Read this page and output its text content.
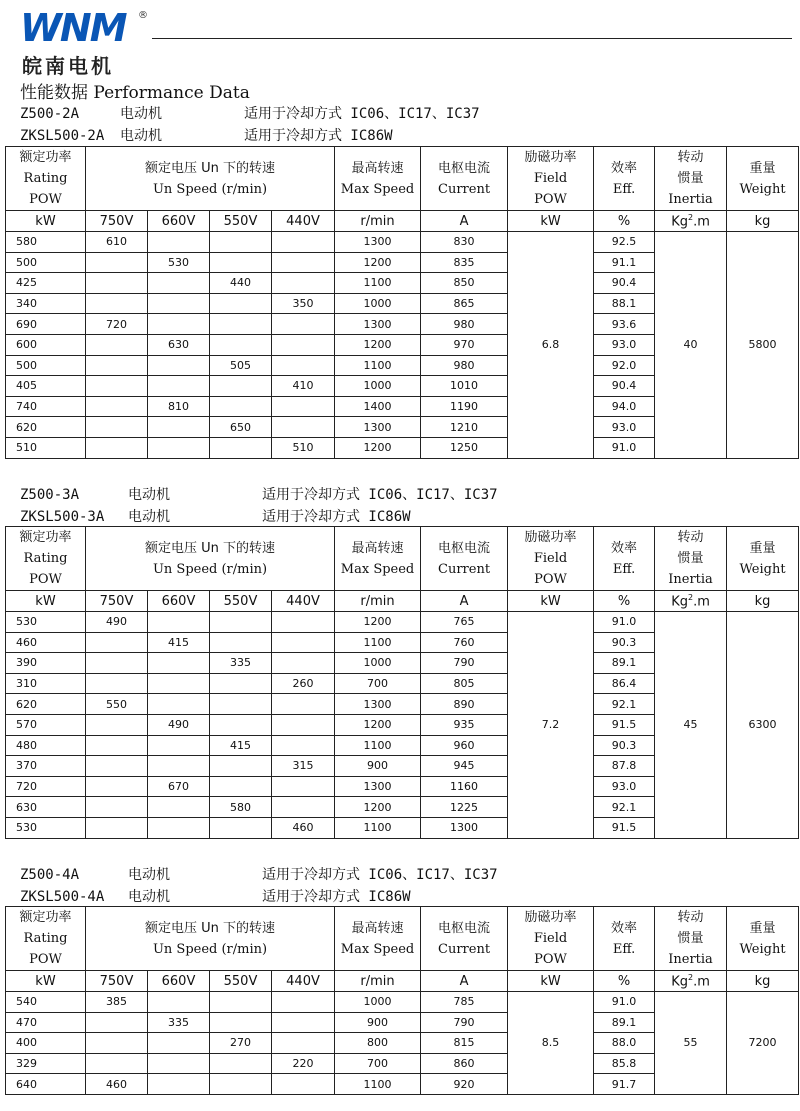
WNM ®
皖南电机
性能数据 Performance Data
Z500-2A	电动机	适用于冷却方式 IC06、IC17、IC37
ZKSL500-2A 电动机	适用于冷却方式 IC86W
额定功率
Rating
POW	额定电压 Un 下的转速
Un Speed (r/min)				最高转速
Max Speed	电枢电流
Current	励磁功率
Field
POW	效率
Eff.	转动
惯量
Inertia	重量
Weight
kW	750V	660V	550V	440V	r/min	A	kW	%	Kg$^2$.m	kg
580	610				1300	830	6.8	92.5	40	5800
500		530			1200	835		91.1		
425			440		1100	850		90.4		
340				350	1000	865		88.1		
690	720				1300	980		93.6		
600		630			1200	970		93.0		
500			505		1100	980		92.0		
405				410	1000	1010		90.4		
740		810			1400	1190		94.0		
620			650		1300	1210		93.0		
510				510	1200	1250		91.0		
Z500-3A	电动机	适用于冷却方式 IC06、IC17、IC37
ZKSL500-3A 电动机	适用于冷却方式 IC86W
额定功率
Rating
POW	额定电压 Un 下的转速
Un Speed (r/min)				最高转速
Max Speed	电枢电流
Current	励磁功率
Field
POW	效率
Eff.	转动
惯量
Inertia	重量
Weight
kW	750V	660V	550V	440V	r/min	A	kW	%	Kg$^2$.m	kg
530	490				1200	765	7.2	91.0	45	6300
460		415			1100	760		90.3		
390			335		1000	790		89.1		
310				260	700	805		86.4		
620	550				1300	890		92.1		
570		490			1200	935		91.5		
480			415		1100	960		90.3		
370				315	900	945		87.8		
720		670			1300	1160		93.0		
630			580		1200	1225		92.1		
530				460	1100	1300		91.5		
Z500-4A	电动机	适用于冷却方式 IC06、IC17、IC37
ZKSL500-4A 电动机	适用于冷却方式 IC86W
额定功率
Rating
POW	额定电压 Un 下的转速
Un Speed (r/min)				最高转速
Max Speed	电枢电流
Current	励磁功率
Field
POW	效率
Eff.	转动
惯量
Inertia	重量
Weight
kW	750V	660V	550V	440V	r/min	A	kW	%	Kg$^2$.m	kg
540	385				1000	785	8.5	91.0	55	7200
470		335			900	790		89.1		
400			270		800	815		88.0		
329				220	700	860		85.8		
640	460				1100	920		91.7		
